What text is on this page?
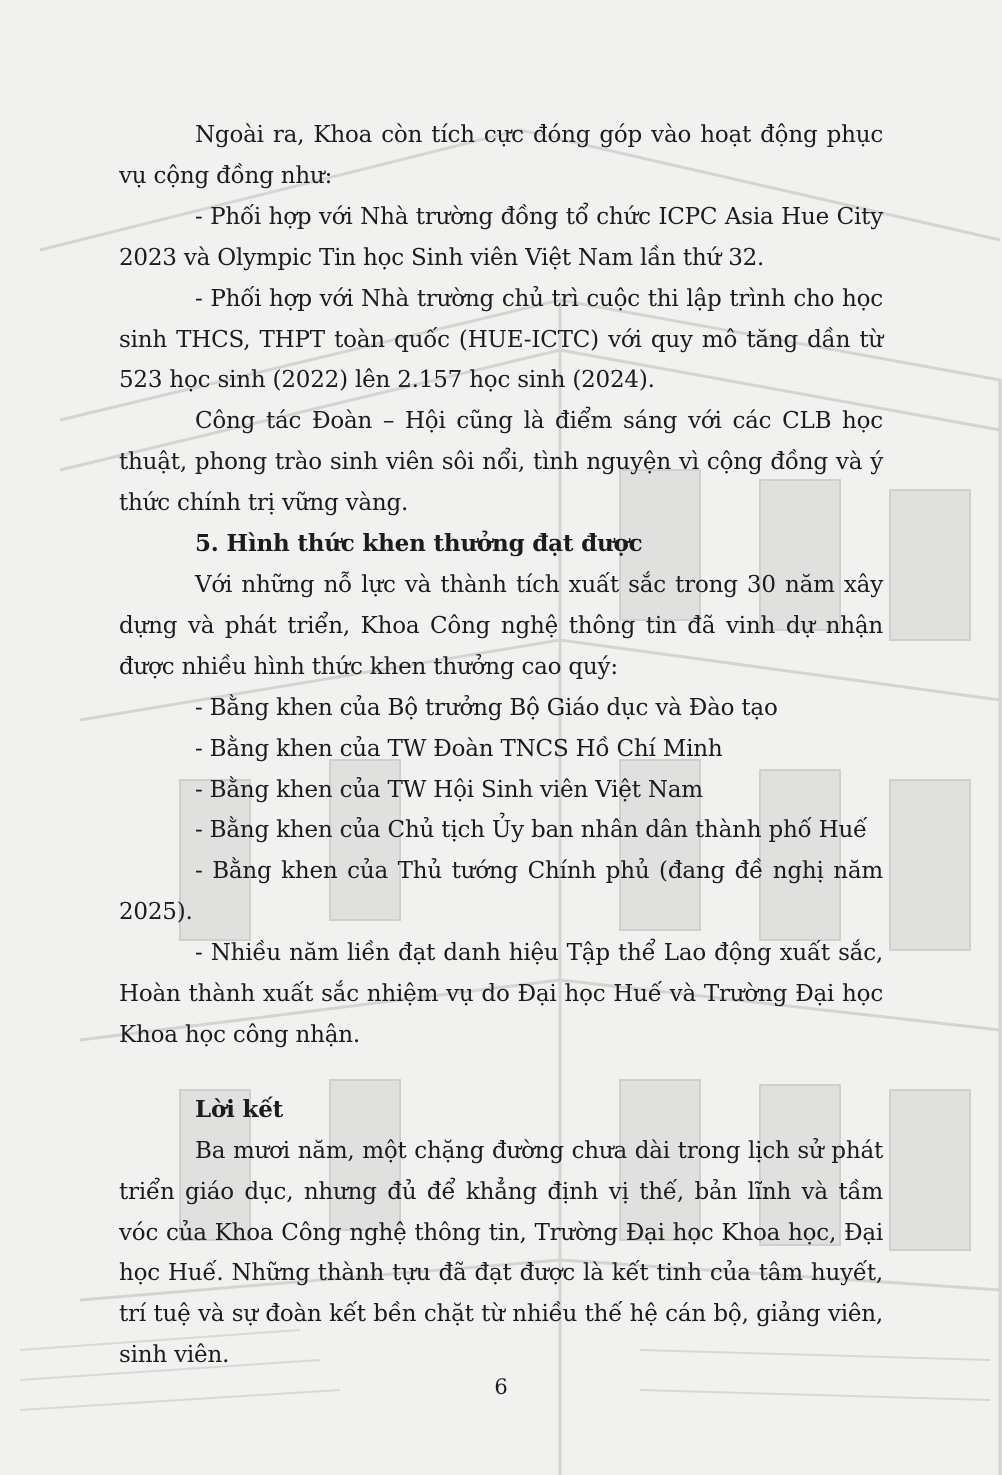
Ngoài ra, Khoa còn tích cực đóng góp vào hoạt động phục vụ cộng đồng như:

- Phối hợp với Nhà trường đồng tổ chức ICPC Asia Hue City 2023 và Olympic Tin học Sinh viên Việt Nam lần thứ 32.

- Phối hợp với Nhà trường chủ trì cuộc thi lập trình cho học sinh THCS, THPT toàn quốc (HUE-ICTC) với quy mô tăng dần từ 523 học sinh (2022) lên 2.157 học sinh (2024).

Công tác Đoàn – Hội cũng là điểm sáng với các CLB học thuật, phong trào sinh viên sôi nổi, tình nguyện vì cộng đồng và ý thức chính trị vững vàng.

5. Hình thức khen thưởng đạt được

Với những nỗ lực và thành tích xuất sắc trong 30 năm xây dựng và phát triển, Khoa Công nghệ thông tin đã vinh dự nhận được nhiều hình thức khen thưởng cao quý:

- Bằng khen của Bộ trưởng Bộ Giáo dục và Đào tạo

- Bằng khen của TW Đoàn TNCS Hồ Chí Minh

- Bằng khen của TW Hội Sinh viên Việt Nam

- Bằng khen của Chủ tịch Ủy ban nhân dân thành phố Huế

- Bằng khen của Thủ tướng Chính phủ (đang đề nghị năm 2025).

- Nhiều năm liền đạt danh hiệu Tập thể Lao động xuất sắc, Hoàn thành xuất sắc nhiệm vụ do Đại học Huế và Trường Đại học Khoa học công nhận.

Lời kết

Ba mươi năm, một chặng đường chưa dài trong lịch sử phát triển giáo dục, nhưng đủ để khẳng định vị thế, bản lĩnh và tầm vóc của Khoa Công nghệ thông tin, Trường Đại học Khoa học, Đại học Huế. Những thành tựu đã đạt được là kết tinh của tâm huyết, trí tuệ và sự đoàn kết bền chặt từ nhiều thế hệ cán bộ, giảng viên, sinh viên.

6
